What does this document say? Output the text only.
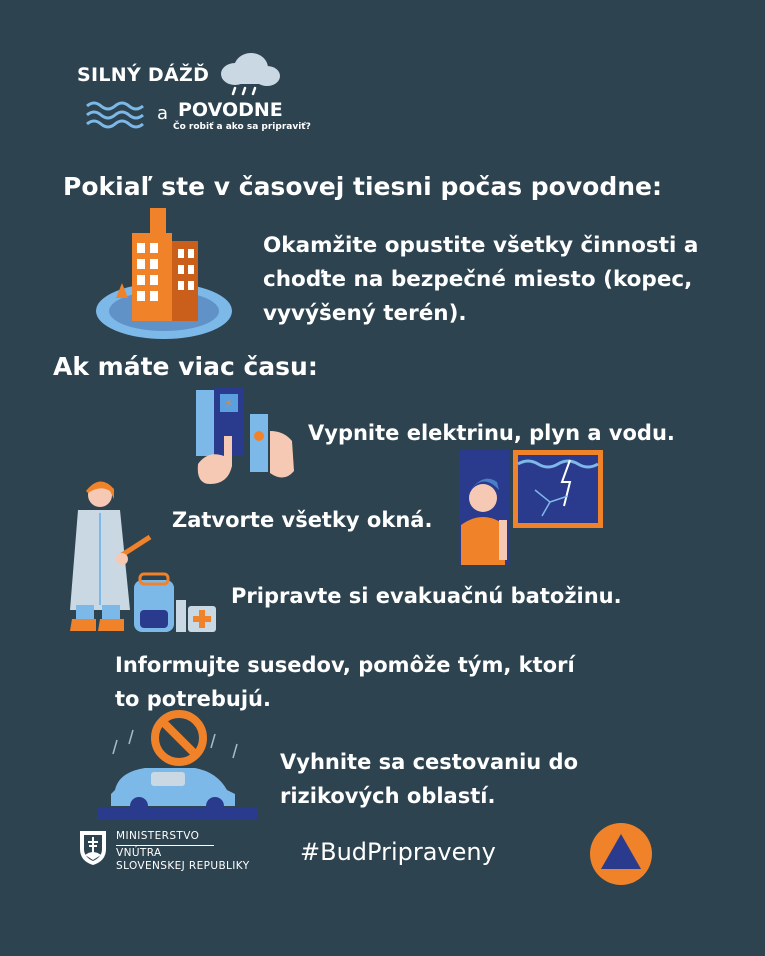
SILNÝ DÁŽĎ
a POVODNE
Čo robiť a ako sa pripraviť?
Pokiaľ ste v časovej tiesni počas povodne:
Okamžite opustite všetky činnosti a choďte na bezpečné miesto (kopec, vyvýšený terén).
Ak máte viac času:
⚡
Vypnite elektrinu, plyn a vodu.
Zatvorte všetky okná.
Pripravte si evakuačnú batožinu.
Informujte susedov, pomôže tým, ktorí to potrebujú.
Vyhnite sa cestovaniu do rizikových oblastí.
MINISTERSTVO
VNÚTRA
SLOVENSKEJ REPUBLIKY #BudPripraveny
